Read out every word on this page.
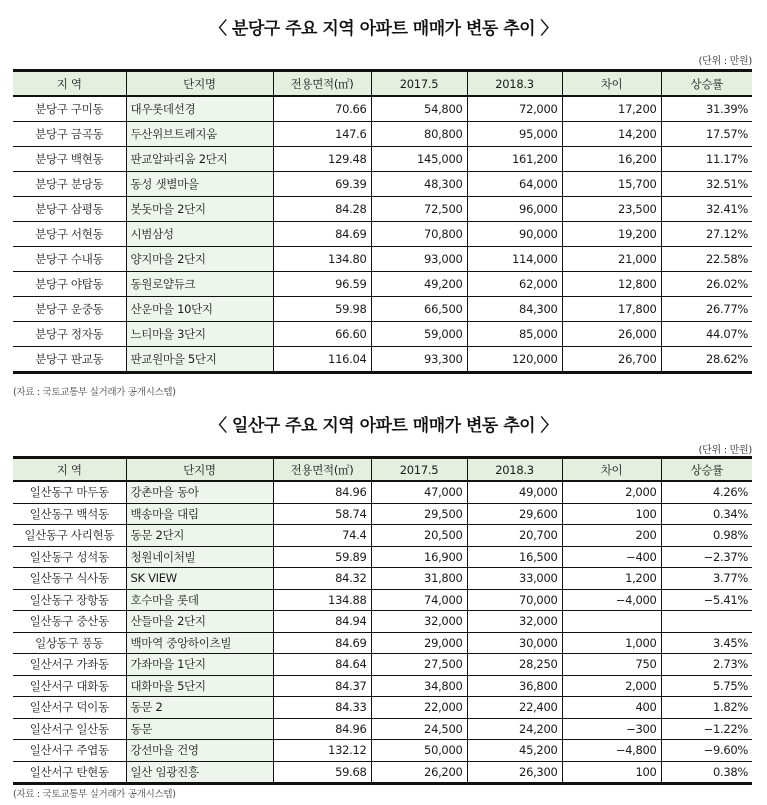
〈 분당구 주요 지역 아파트 매매가 변동 추이 〉
(단위 : 만원)
지 역	단지명	전용면적(㎡)	2017.5	2018.3	차이	상승률
분당구 구미동	대우롯데선경	70.66	54,800	72,000	17,200	31.39%
분당구 금곡동	두산위브트레지움	147.6	80,800	95,000	14,200	17.57%
분당구 백현동	판교알파리움 2단지	129.48	145,000	161,200	16,200	11.17%
분당구 분당동	동성 샛별마을	69.39	48,300	64,000	15,700	32.51%
분당구 삼평동	봇돗마을 2단지	84.28	72,500	96,000	23,500	32.41%
분당구 서현동	시범삼성	84.69	70,800	90,000	19,200	27.12%
분당구 수내동	양지마을 2단지	134.80	93,000	114,000	21,000	22.58%
분당구 야탑동	동원로얄듀크	96.59	49,200	62,000	12,800	26.02%
분당구 운중동	산운마을 10단지	59.98	66,500	84,300	17,800	26.77%
분당구 정자동	느티마을 3단지	66.60	59,000	85,000	26,000	44.07%
분당구 판교동	판교원마을 5단지	116.04	93,300	120,000	26,700	28.62%
(자료 : 국토교통부 실거래가 공개시스템)
〈 일산구 주요 지역 아파트 매매가 변동 추이 〉
(단위 : 만원)
지 역	단지명	전용면적(㎡)	2017.5	2018.3	차이	상승률
일산동구 마두동	강촌마을 동아	84.96	47,000	49,000	2,000	4.26%
일산동구 백석동	백송마을 대림	58.74	29,500	29,600	100	0.34%
일산동구 사리현동	동문 2단지	74.4	20,500	20,700	200	0.98%
일산동구 성석동	청원네이처빌	59.89	16,900	16,500	−400	−2.37%
일산동구 식사동	SK VIEW	84.32	31,800	33,000	1,200	3.77%
일산동구 장항동	호수마을 롯데	134.88	74,000	70,000	−4,000	−5.41%
일산동구 중산동	산들마을 2단지	84.94	32,000	32,000		
일상동구 풍동	백마역 중앙하이츠빌	84.69	29,000	30,000	1,000	3.45%
일산서구 가좌동	가좌마을 1단지	84.64	27,500	28,250	750	2.73%
일산서구 대화동	대화마을 5단지	84.37	34,800	36,800	2,000	5.75%
일산서구 덕이동	동문 2	84.33	22,000	22,400	400	1.82%
일산서구 일산동	동문	84.96	24,500	24,200	−300	−1.22%
일산서구 주엽동	강선마을 건영	132.12	50,000	45,200	−4,800	−9.60%
일산서구 탄현동	일산 임광진흥	59.68	26,200	26,300	100	0.38%
(자료 : 국토교통부 실거래가 공개시스템)
